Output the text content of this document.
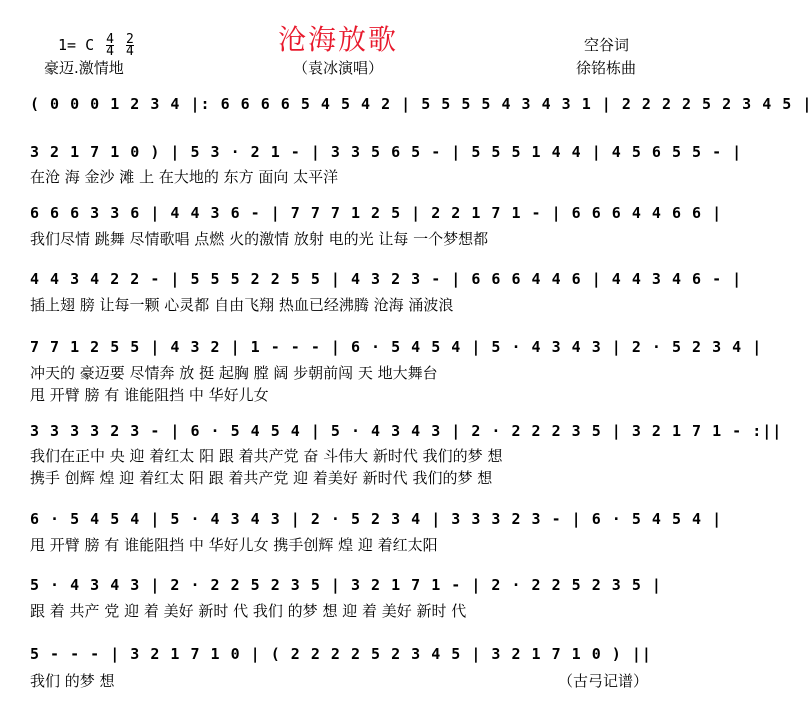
沧海放歌
（袁冰演唱）
1= C $\frac{4}{4}$
$\frac{2}{4}$
豪迈.激情地
空谷词
徐铭栋曲
( 0 0 0 1 2 3 4 |: 6 6 6 6 5 4 5 4 2 | 5 5 5 5 4 3 4 3 1 | 2 2 2 2 5 2 3 4 5 |
3 2 1 7 1 0 ) | 5 3 · 2 1 - | 3 3 5 6 5 - | 5 5 5 1 4 4 | 4 5 6 5 5 - |
在沧 海 金沙 滩 上 在大地的 东方 面向 太平洋
6 6 6 3 3 6 | 4 4 3 6 - | 7 7 7 1 2 5 | 2 2 1 7 1 - | 6 6 6 4 4 6 6 |
我们尽情 跳舞 尽情歌唱 点燃 火的激情 放射 电的光 让每 一个梦想都
4 4 3 4 2 2 - | 5 5 5 2 2 5 5 | 4 3 2 3 - | 6 6 6 4 4 6 | 4 4 3 4 6 - |
插上翅 膀 让每一颗 心灵都 自由飞翔 热血已经沸腾 沧海 涌波浪
7 7 1 2 5 5 | 4 3 2 | 1 - - - | 6 · 5 4 5 4 | 5 · 4 3 4 3 | 2 · 5 2 3 4 |
冲天的 豪迈要 尽情奔 放 挺 起胸 膛 阔 步朝前闯 天 地大舞台
甩 开臂 膀 有 谁能阻挡 中 华好儿女
3 3 3 3 2 3 - | 6 · 5 4 5 4 | 5 · 4 3 4 3 | 2 · 2 2 2 3 5 | 3 2 1 7 1 - :||
我们在正中 央 迎 着红太 阳 跟 着共产党 奋 斗伟大 新时代 我们的梦 想
携手 创辉 煌 迎 着红太 阳 跟 着共产党 迎 着美好 新时代 我们的梦 想
6 · 5 4 5 4 | 5 · 4 3 4 3 | 2 · 5 2 3 4 | 3 3 3 2 3 - | 6 · 5 4 5 4 |
甩 开臂 膀 有 谁能阻挡 中 华好儿女 携手创辉 煌 迎 着红太阳
5 · 4 3 4 3 | 2 · 2 2 5 2 3 5 | 3 2 1 7 1 - | 2 · 2 2 5 2 3 5 |
跟 着 共产 党 迎 着 美好 新时 代 我们 的梦 想 迎 着 美好 新时 代
5 - - - | 3 2 1 7 1 0 | ( 2 2 2 2 5 2 3 4 5 | 3 2 1 7 1 0 ) ||
我们 的梦 想	（古弓记谱）
